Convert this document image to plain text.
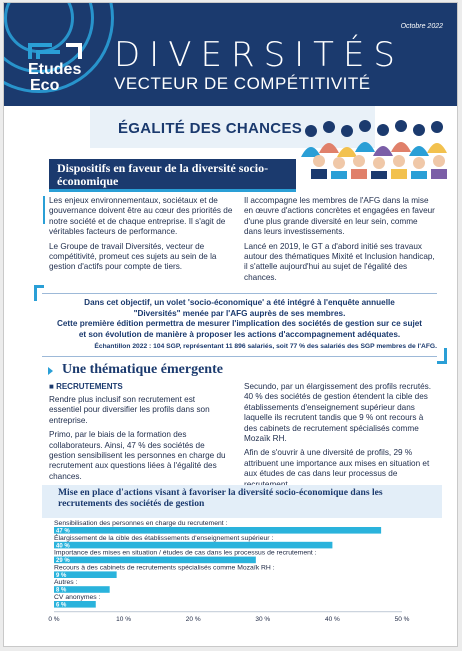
Octobre 2022
Etudes
Eco
DIVERSITÉS
VECTEUR DE COMPÉTITIVITÉ
ÉGALITÉ DES CHANCES
Dispositifs en faveur de la diversité socio-économique

Les enjeux environnementaux, sociétaux et de gouvernance doivent être au cœur des priorités de notre société et de chaque entreprise. Il s'agit de véritables facteurs de performance.

Le Groupe de travail Diversités, vecteur de compétitivité, promeut ces sujets au sein de la gestion d'actifs pour compte de tiers.

Il accompagne les membres de l'AFG dans la mise en œuvre d'actions concrètes et engagées en faveur d'une plus grande diversité en leur sein, comme dans leurs investissements.

Lancé en 2019, le GT a d'abord initié ses travaux autour des thématiques Mixité et Inclusion handicap, il s'attelle aujourd'hui au sujet de l'égalité des chances.

Dans cet objectif, un volet 'socio-économique' a été intégré à l'enquête annuelle
"Diversités" menée par l'AFG auprès de ses membres.
Cette première édition permettra de mesurer l'implication des sociétés de gestion sur ce sujet
et son évolution de manière à proposer les actions d'accompagnement adéquates.
Échantillon 2022 : 104 SGP, représentant 11 896 salariés, soit 77 % des salariés des SGP membres de l'AFG.
Une thématique émergente
■ RECRUTEMENTS

Rendre plus inclusif son recrutement est essentiel pour diversifier les profils dans son entreprise.

Primo, par le biais de la formation des collaborateurs. Ainsi, 47 % des sociétés de gestion sensibilisent les personnes en charge du recrutement aux questions liées à l'égalité des chances.

Secundo, par un élargissement des profils recrutés. 40 % des sociétés de gestion étendent la cible des établissements d'enseignement supérieur dans laquelle ils recrutent tandis que 9 % ont recours à des cabinets de recrutement spécialisés comme Mozaïk RH.

Afin de s'ouvrir à une diversité de profils, 29 % attribuent une importance aux mises en situation et aux études de cas dans leur processus de

Mise en place d'actions visant à favoriser la diversité socio-économique dans les recrutements des sociétés de gestion
Sensibilisation des personnes en charge du recrutement :
47 %
Élargissement de la cible des établissements d'enseignement supérieur :
40 %
Importance des mises en situation / études de cas dans les processus de recrutement :
29 %
Recours à des cabinets de recrutements spécialisés comme Mozaïk RH :
9 %
Autres :
8 %
CV anonymes :
6 %
0 %	10 %	20 %	30 %	40 %	50 %
